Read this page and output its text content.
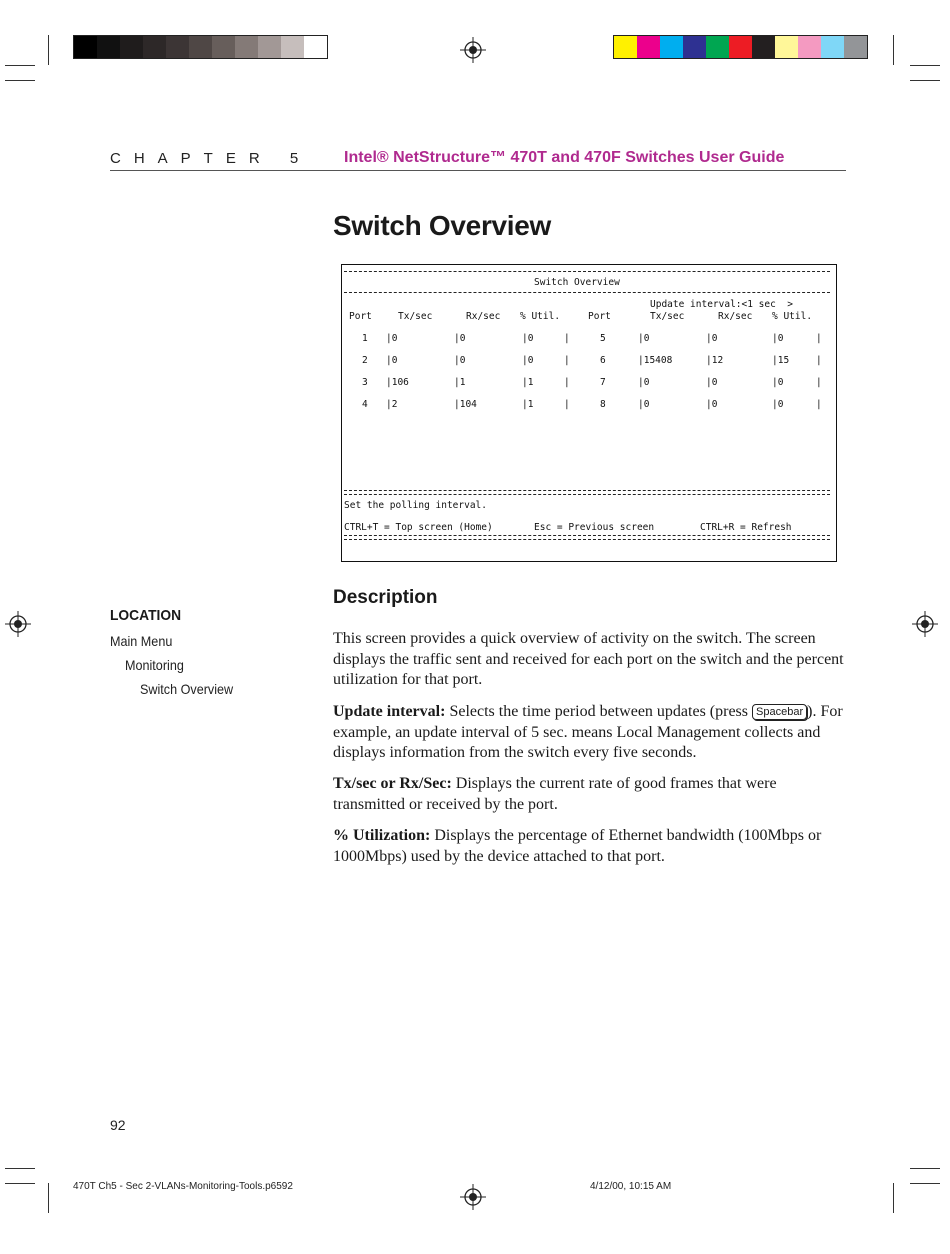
CHAPTER 5 Intel® NetStructure™ 470T and 470F Switches User Guide
Switch Overview
Switch Overview
Update interval:<1 sec  >
Port	Tx/sec	Rx/sec % Util.	Port	Tx/sec	Rx/sec % Util.
1 |0	|0	|0	|	5	|0	|0	|0	|
2 |0	|0	|0	|	6	|15408	|12	|15	|
3 |106	|1	|1	|	7	|0	|0	|0	|
4 |2	|104	|1	|	8	|0	|0	|0	|
Set the polling interval.
CTRL+T = Top screen (Home)	Esc = Previous screen	CTRL+R = Refresh
Description
This screen provides a quick overview of activity on the switch. The screen displays the traffic sent and received for each port on the switch and the percent utilization for that port.
Update interval: Selects the time period between updates (press Spacebar ). For example, an update interval of 5 sec. means Local Management collects and displays information from the switch every five seconds.
Tx/sec or Rx/Sec: Displays the current rate of good frames that were transmitted or received by the port.
% Utilization: Displays the percentage of Ethernet bandwidth (100Mbps or 1000Mbps) used by the device attached to that port.
LOCATION
Main Menu
Monitoring
Switch Overview
92
470T Ch5 - Sec 2-VLANs-Monitoring-Tools.p6592	4/12/00, 10:15 AM
